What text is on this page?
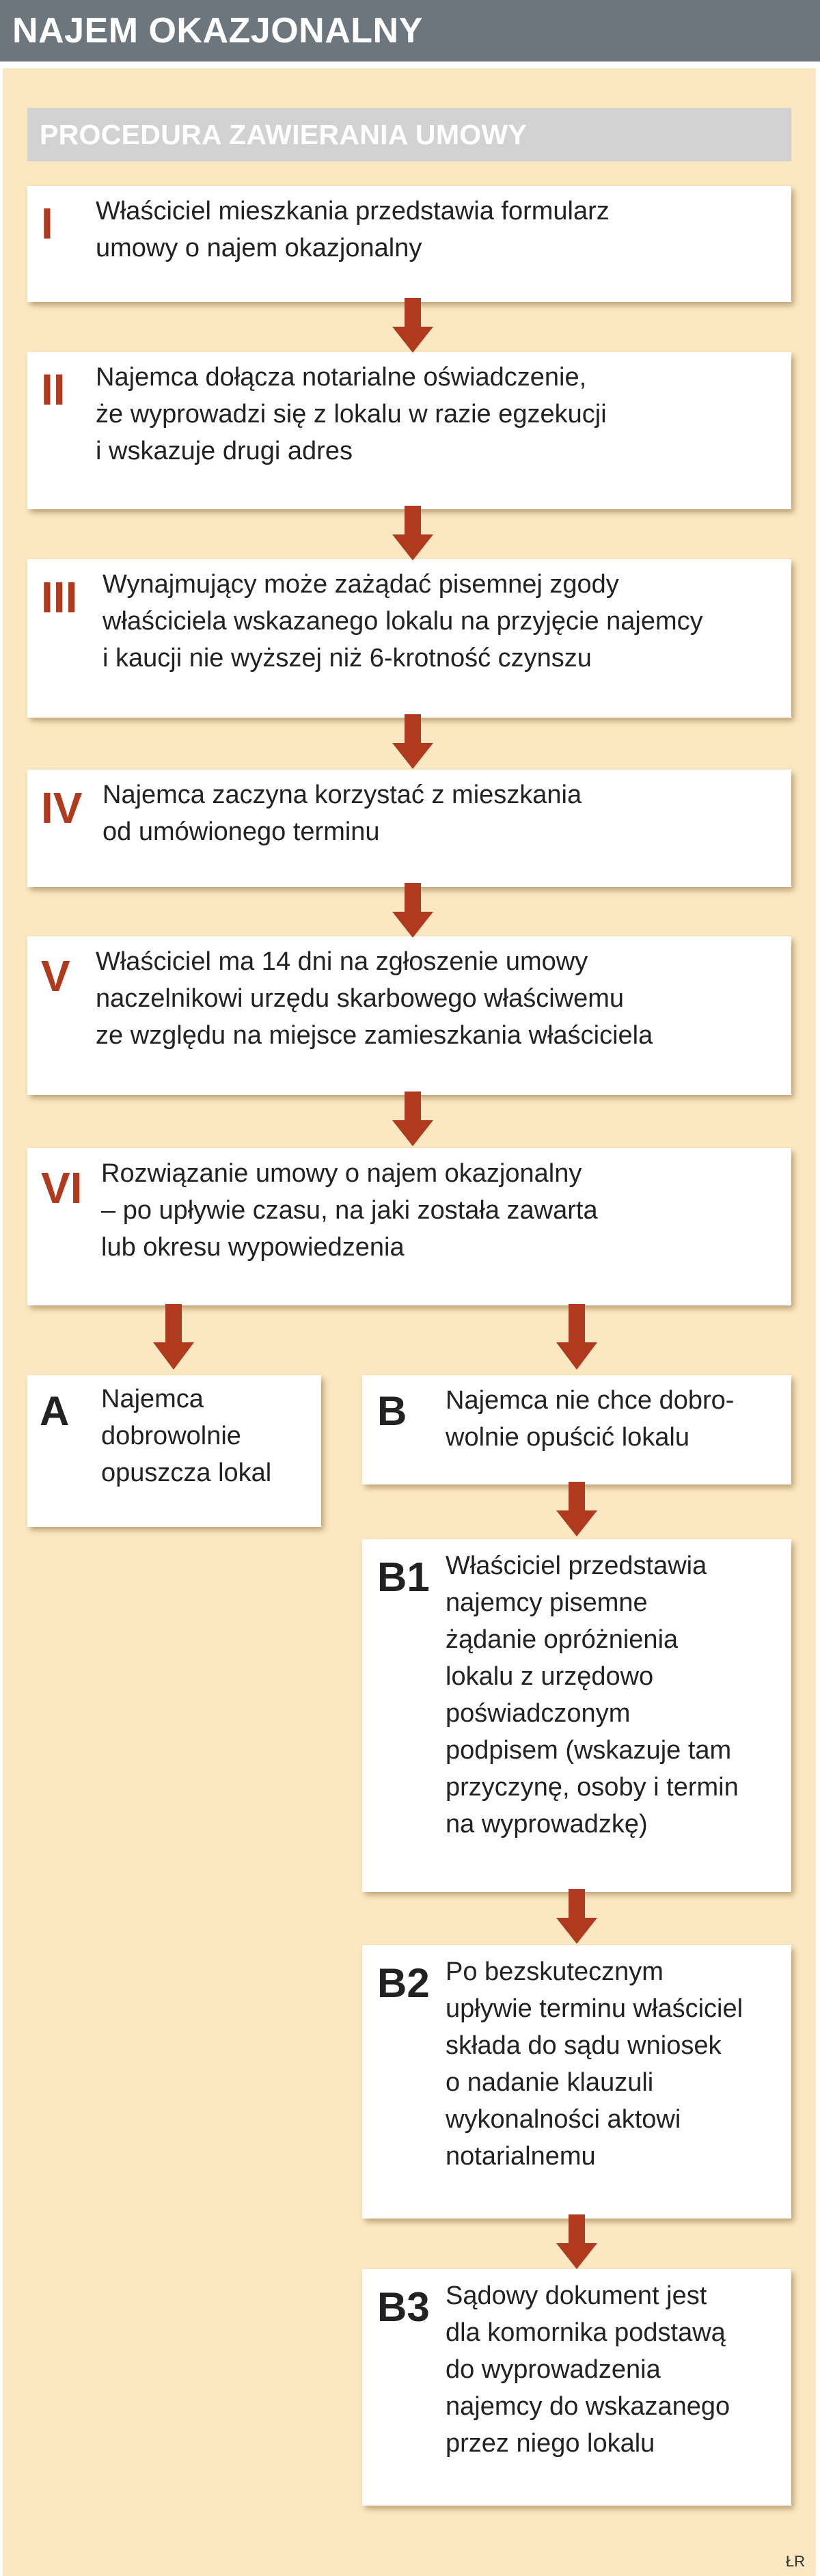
NAJEM OKAZJONALNY
PROCEDURA ZAWIERANIA UMOWY
I Właściciel mieszkania przedstawia formularz
umowy o najem okazjonalny
II Najemca dołącza notarialne oświadczenie,
że wyprowadzi się z lokalu w razie egzekucji
i wskazuje drugi adres
III Wynajmujący może zażądać pisemnej zgody
właściciela wskazanego lokalu na przyjęcie najemcy
i kaucji nie wyższej niż 6-krotność czynszu
IV Najemca zaczyna korzystać z mieszkania
od umówionego terminu
V Właściciel ma 14 dni na zgłoszenie umowy
naczelnikowi urzędu skarbowego właściwemu
ze względu na miejsce zamieszkania właściciela
VI Rozwiązanie umowy o najem okazjonalny
– po upływie czasu, na jaki została zawarta
lub okresu wypowiedzenia
A Najemca
dobrowolnie
opuszcza lokal
B Najemca nie chce dobro-
wolnie opuścić lokalu
B1 Właściciel przedstawia
najemcy pisemne
żądanie opróżnienia
lokalu z urzędowo
poświadczonym
podpisem (wskazuje tam
przyczynę, osoby i termin
na wyprowadzkę)
B2 Po bezskutecznym
upływie terminu właściciel
składa do sądu wniosek
o nadanie klauzuli
wykonalności aktowi
notarialnemu
B3 Sądowy dokument jest
dla komornika podstawą
do wyprowadzenia
najemcy do wskazanego
przez niego lokalu
ŁR
